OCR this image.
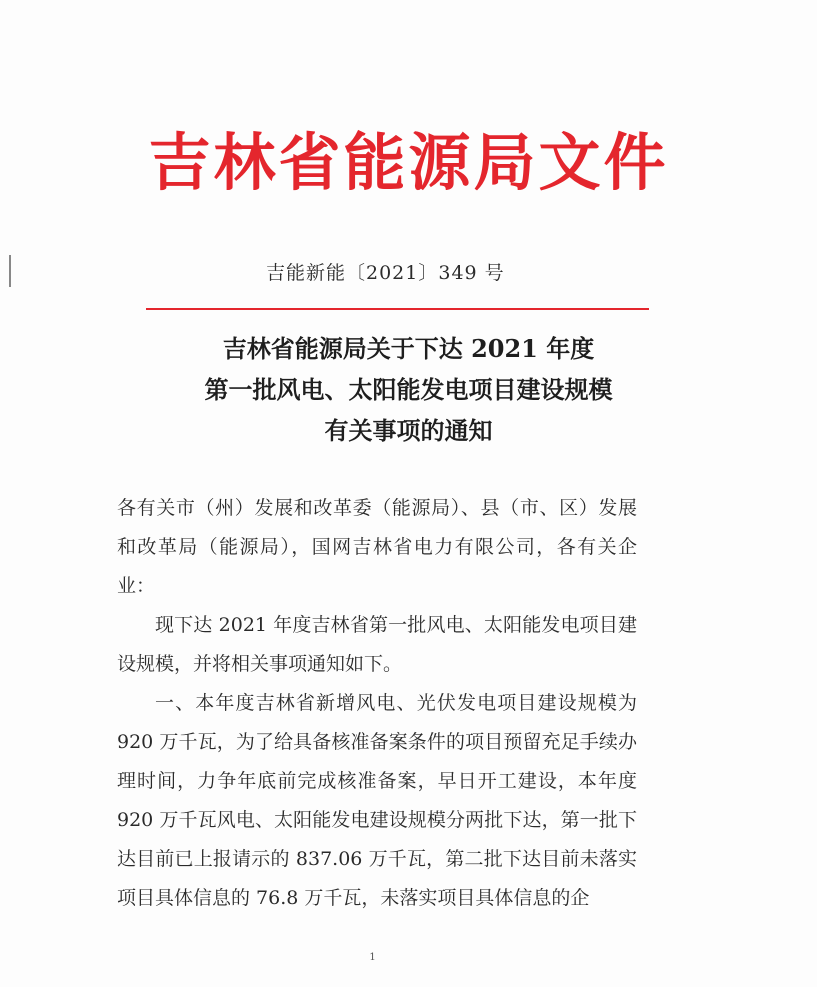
吉林省能源局文件
吉能新能〔2021〕349 号
吉林省能源局关于下达 2021 年度
第一批风电、太阳能发电项目建设规模
有关事项的通知

各有关市（州）发展和改革委（能源局）、县（市、区）发展和改革局（能源局），国网吉林省电力有限公司，各有关企业：

现下达 2021 年度吉林省第一批风电、太阳能发电项目建设规模，并将相关事项通知如下。

一、本年度吉林省新增风电、光伏发电项目建设规模为 920 万千瓦，为了给具备核准备案条件的项目预留充足手续办理时间，力争年底前完成核准备案，早日开工建设，本年度 920 万千瓦风电、太阳能发电建设规模分两批下达，第一批下达目前已上报请示的 837.06 万千瓦，第二批下达目前未落实项目具体信息的 76.8 万千瓦，未落实项目具体信息的企

1
